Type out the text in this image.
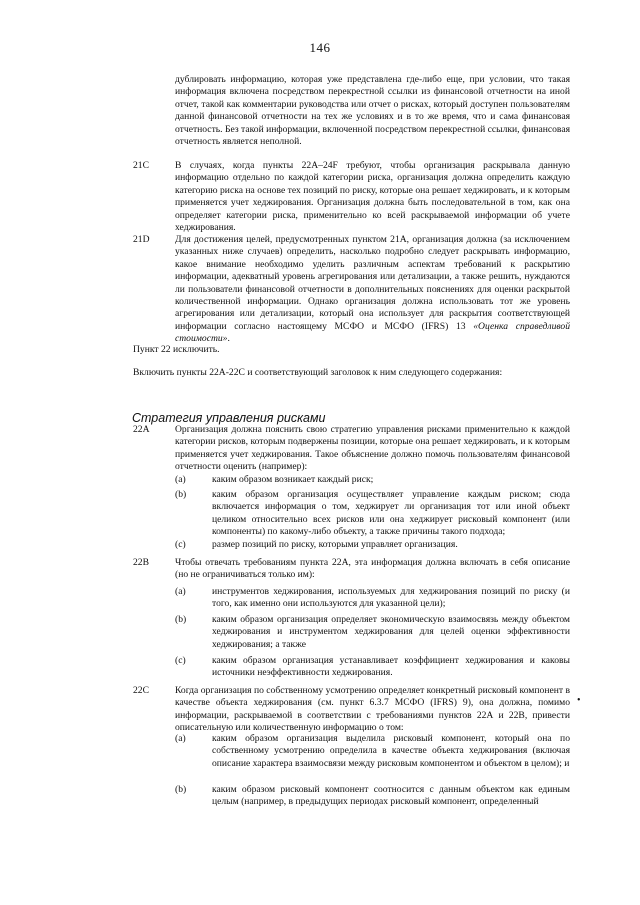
146
дублировать информацию, которая уже представлена где-либо еще, при условии, что такая информация включена посредством перекрестной ссылки из финансовой отчетности на иной отчет, такой как комментарии руководства или отчет о рисках, который доступен пользователям данной финансовой отчетности на тех же условиях и в то же время, что и сама финансовая отчетность. Без такой информации, включенной посредством перекрестной ссылки, финансовая отчетность является неполной.
21C	В случаях, когда пункты 22А–24F требуют, чтобы организация раскрывала данную информацию отдельно по каждой категории риска, организация должна определить каждую категорию риска на основе тех позиций по риску, которые она решает хеджировать, и к которым применяется учет хеджирования. Организация должна быть последовательной в том, как она определяет категории риска, применительно ко всей раскрываемой информации об учете хеджирования.
21D	Для достижения целей, предусмотренных пунктом 21А, организация должна (за исключением указанных ниже случаев) определить, насколько подробно следует раскрывать информацию, какое внимание необходимо уделить различным аспектам требований к раскрытию информации, адекватный уровень агрегирования или детализации, а также решить, нуждаются ли пользователи финансовой отчетности в дополнительных пояснениях для оценки раскрытой количественной информации. Однако организация должна использовать тот же уровень агрегирования или детализации, который она использует для раскрытия соответствующей информации согласно настоящему МСФО и МСФО (IFRS) 13 «Оценка справедливой стоимости».
Пункт 22 исключить.
Включить пункты 22А-22С и соответствующий заголовок к ним следующего содержания:
Стратегия управления рисками
22A	Организация должна пояснить свою стратегию управления рисками применительно к каждой категории рисков, которым подвержены позиции, которые она решает хеджировать, и к которым применяется учет хеджирования. Такое объяснение должно помочь пользователям финансовой отчетности оценить (например):
(a)	каким образом возникает каждый риск;
(b)	каким образом организация осуществляет управление каждым риском; сюда включается информация о том, хеджирует ли организация тот или иной объект целиком относительно всех рисков или она хеджирует рисковый компонент (или компоненты) по какому-либо объекту, а также причины такого подхода;
(c)	размер позиций по риску, которыми управляет организация.
22B	Чтобы отвечать требованиям пункта 22А, эта информация должна включать в себя описание (но не ограничиваться только им):
(a)	инструментов хеджирования, используемых для хеджирования позиций по риску (и того, как именно они используются для указанной цели);
(b)	каким образом организация определяет экономическую взаимосвязь между объектом хеджирования и инструментом хеджирования для целей оценки эффективности хеджирования; а также
(c)	каким образом организация устанавливает коэффициент хеджирования и каковы источники неэффективности хеджирования.
•
22C	Когда организация по собственному усмотрению определяет конкретный рисковый компонент в качестве объекта хеджирования (см. пункт 6.3.7 МСФО (IFRS) 9), она должна, помимо информации, раскрываемой в соответствии с требованиями пунктов 22А и 22В, привести описательную или количественную информацию о том:
(a)	каким образом организация выделила рисковый компонент, который она по собственному усмотрению определила в качестве объекта хеджирования (включая описание характера взаимосвязи между рисковым компонентом и объектом в целом); и
(b)	каким образом рисковый компонент соотносится с данным объектом как единым целым (например, в предыдущих периодах рисковый компонент, определенный
